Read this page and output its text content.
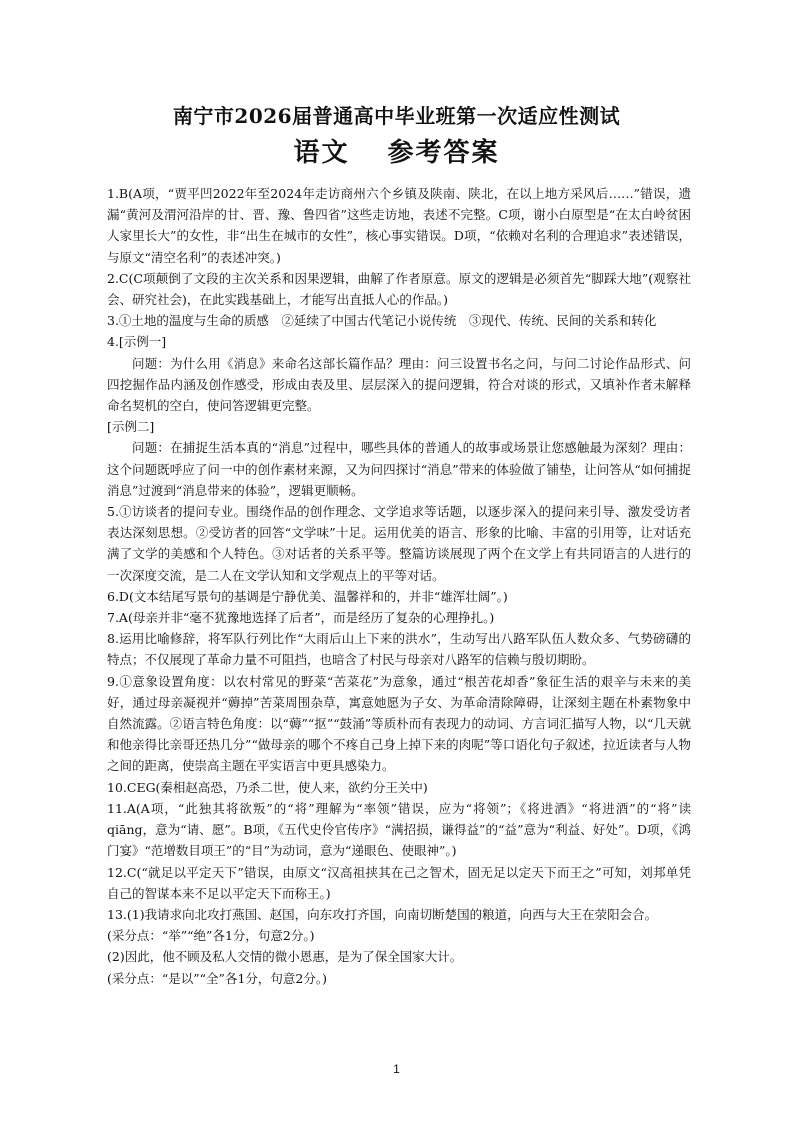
南宁市2026届普通高中毕业班第一次适应性测试
语文 参考答案

1.B(A项，“贾平凹2022年至2024年走访商州六个乡镇及陕南、陕北，在以上地方采风后……”错误，遗漏“黄河及渭河沿岸的甘、晋、豫、鲁四省”这些走访地，表述不完整。C项，谢小白原型是“在太白岭贫困人家里长大”的女性，非“出生在城市的女性”，核心事实错误。D项，“依赖对名利的合理追求”表述错误，与原文“清空名利”的表述冲突。)

2.C(C项颠倒了文段的主次关系和因果逻辑，曲解了作者原意。原文的逻辑是必须首先“脚踩大地”(观察社会、研究社会)，在此实践基础上，才能写出直抵人心的作品。)

3.①土地的温度与生命的质感　②延续了中国古代笔记小说传统　③现代、传统、民间的关系和转化

4.[示例一]

问题：为什么用《消息》来命名这部长篇作品？理由：问三设置书名之问，与问二讨论作品形式、问四挖掘作品内涵及创作感受，形成由表及里、层层深入的提问逻辑，符合对谈的形式，又填补作者未解释命名契机的空白，使问答逻辑更完整。

[示例二]

问题：在捕捉生活本真的“消息”过程中，哪些具体的普通人的故事或场景让您感触最为深刻？理由：这个问题既呼应了问一中的创作素材来源，又为问四探讨“消息”带来的体验做了铺垫，让问答从“如何捕捉消息”过渡到“消息带来的体验”，逻辑更顺畅。

5.①访谈者的提问专业。围绕作品的创作理念、文学追求等话题，以逐步深入的提问来引导、激发受访者表达深刻思想。②受访者的回答“文学味”十足。运用优美的语言、形象的比喻、丰富的引用等，让对话充满了文学的美感和个人特色。③对话者的关系平等。整篇访谈展现了两个在文学上有共同语言的人进行的一次深度交流，是二人在文学认知和文学观点上的平等对话。

6.D(文本结尾写景句的基调是宁静优美、温馨祥和的，并非“雄浑壮阔”。)

7.A(母亲并非“毫不犹豫地选择了后者”，而是经历了复杂的心理挣扎。)

8.运用比喻修辞，将军队行列比作“大雨后山上下来的洪水”，生动写出八路军队伍人数众多、气势磅礴的特点；不仅展现了革命力量不可阻挡，也暗含了村民与母亲对八路军的信赖与殷切期盼。

9.①意象设置角度：以农村常见的野菜“苦菜花”为意象，通过“根苦花却香”象征生活的艰辛与未来的美好，通过母亲凝视并“薅掉”苦菜周围杂草，寓意她愿为子女、为革命清除障碍，让深刻主题在朴素物象中自然流露。②语言特色角度：以“薅”“抠”“鼓涌”等质朴而有表现力的动词、方言词汇描写人物，以“几天就和他亲得比亲哥还热几分”“做母亲的哪个不疼自己身上掉下来的肉呢”等口语化句子叙述，拉近读者与人物之间的距离，使崇高主题在平实语言中更具感染力。

10.CEG(秦相赵高恐，乃杀二世，使人来，欲约分王关中)

11.A(A项，“此独其将欲叛”的“将”理解为“率领”错误，应为“将领”；《将进酒》“将进酒”的“将”读qiāng，意为“请、愿”。B项，《五代史伶官传序》“满招损，谦得益”的“益”意为“利益、好处”。D项，《鸿门宴》“范增数目项王”的“目”为动词，意为“递眼色、使眼神”。)

12.C(“就足以平定天下”错误，由原文“汉高祖挟其在己之智术，固无足以定天下而王之”可知，刘邦单凭自己的智谋本来不足以平定天下而称王。)

13.(1)我请求向北攻打燕国、赵国，向东攻打齐国，向南切断楚国的粮道，向西与大王在荥阳会合。

(采分点：“举”“绝”各1分，句意2分。)

(2)因此，他不顾及私人交情的微小恩惠，是为了保全国家大计。

(采分点：“是以”“全”各1分，句意2分。)

1
